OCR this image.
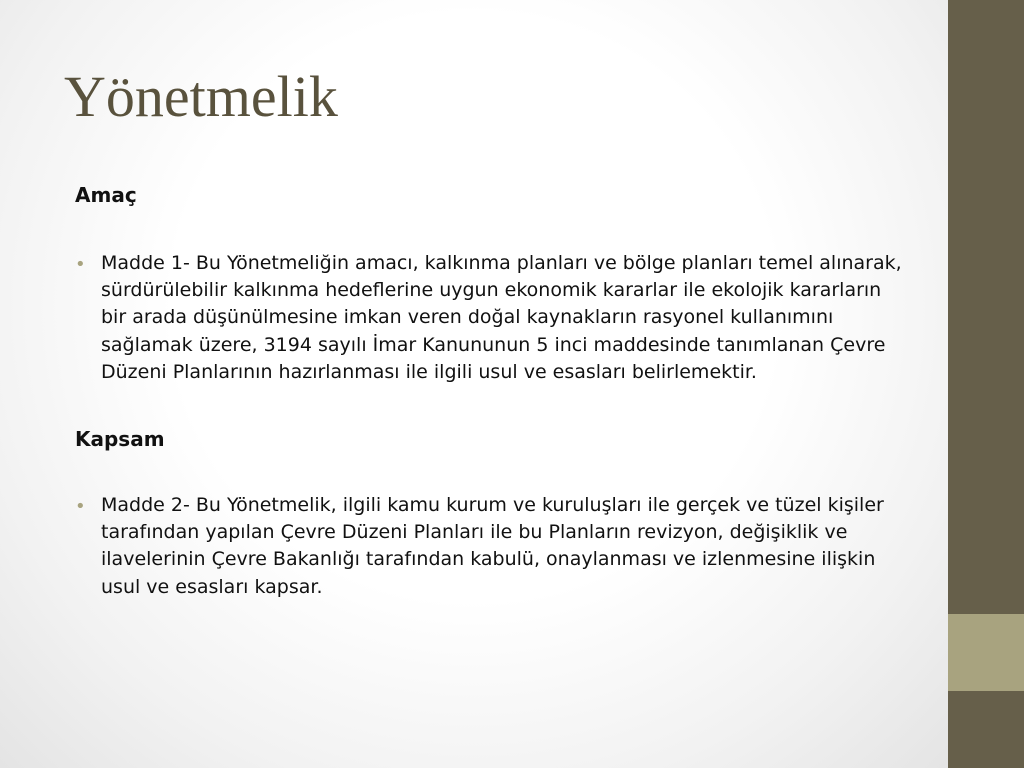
Yönetmelik

Amaç

• Madde 1- Bu Yönetmeliğin amacı, kalkınma planları ve bölge planları temel alınarak, sürdürülebilir kalkınma hedeflerine uygun ekonomik kararlar ile ekolojik kararların bir arada düşünülmesine imkan veren doğal kaynakların rasyonel kullanımını sağlamak üzere, 3194 sayılı İmar Kanununun 5 inci maddesinde tanımlanan Çevre Düzeni Planlarının hazırlanması ile ilgili usul ve esasları belirlemektir.

Kapsam

• Madde 2- Bu Yönetmelik, ilgili kamu kurum ve kuruluşları ile gerçek ve tüzel kişiler tarafından yapılan Çevre Düzeni Planları ile bu Planların revizyon, değişiklik ve ilavelerinin Çevre Bakanlığı tarafından kabulü, onaylanması ve izlenmesine ilişkin usul ve esasları kapsar.
